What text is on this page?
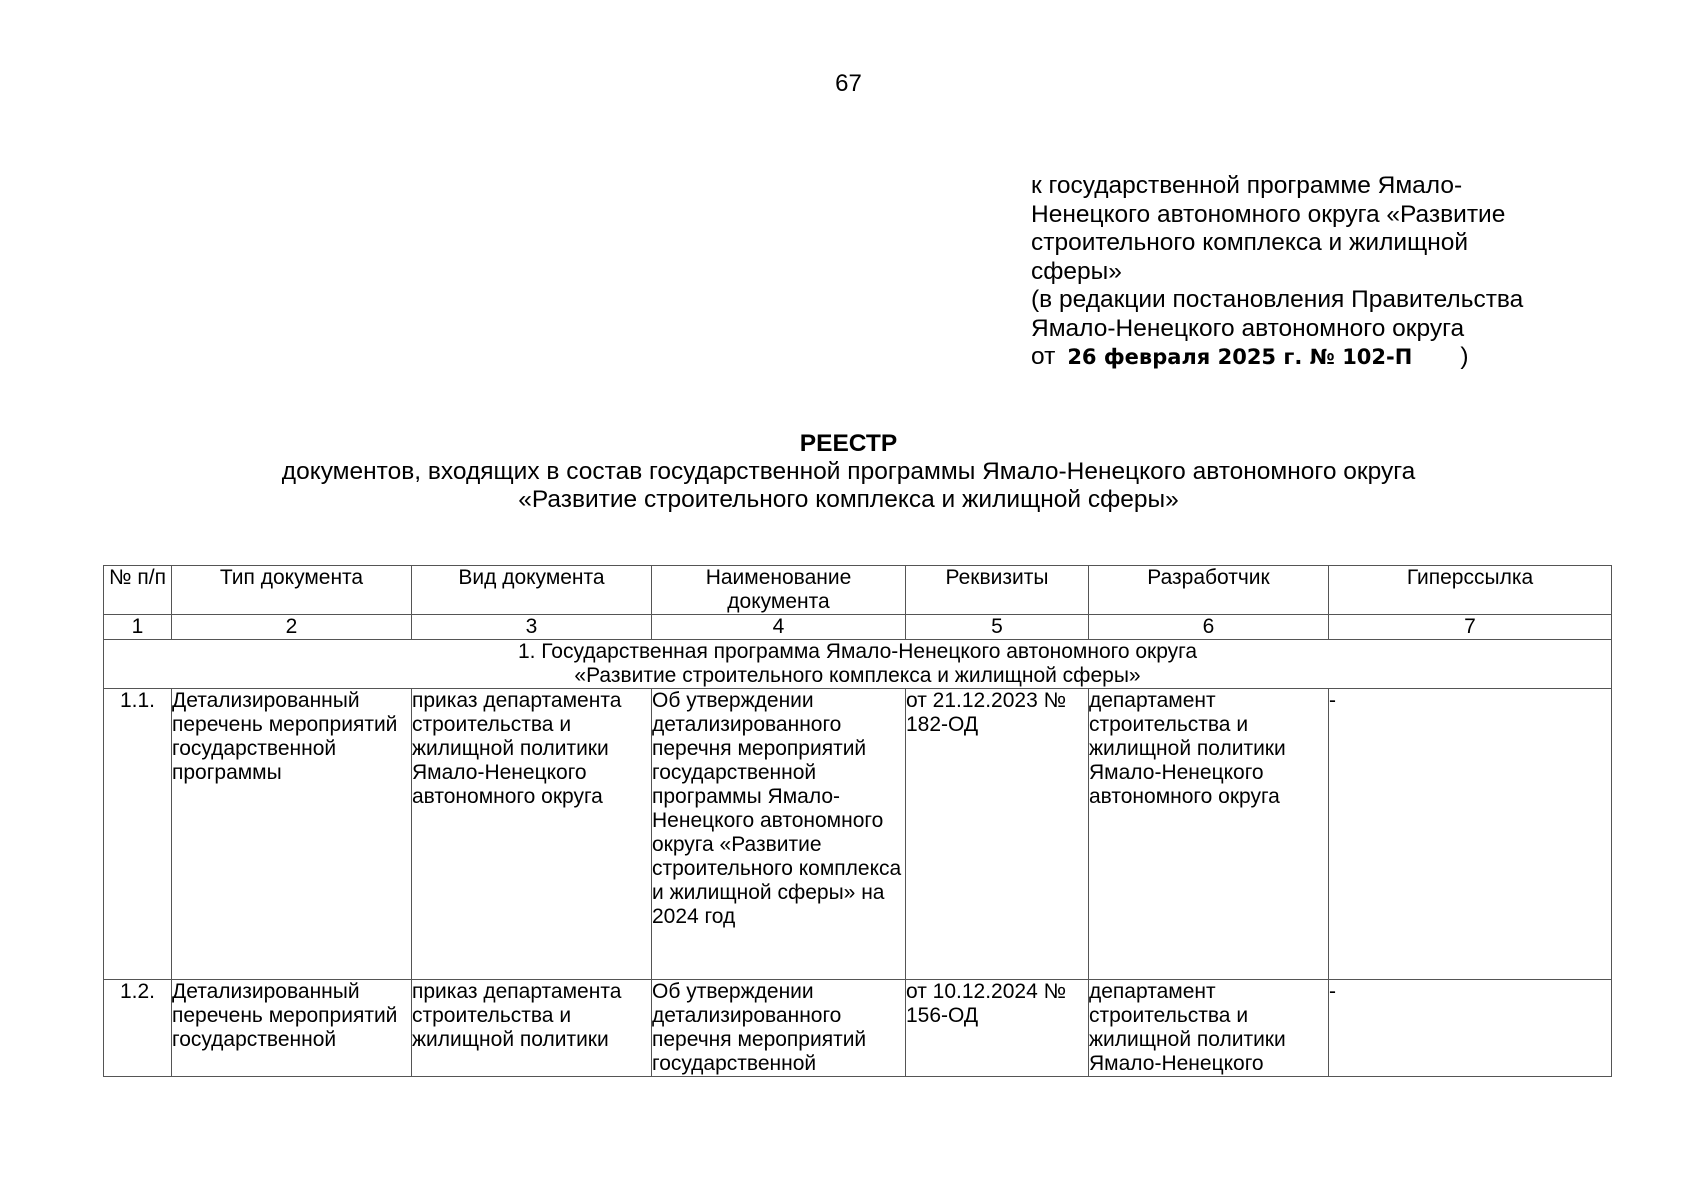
67
к государственной программе Ямало-
Ненецкого автономного округа «Развитие
строительного комплекса и жилищной
сферы»
(в редакции постановления Правительства
Ямало-Ненецкого автономного округа
от 26 февраля 2025 г. № 102-П	)
РЕЕСТР
документов, входящих в состав государственной программы Ямало-Ненецкого автономного округа
«Развитие строительного комплекса и жилищной сферы»
№ п/п	Тип документа	Вид документа	Наименование документа	Реквизиты	Разработчик	Гиперссылка
1	2	3	4	5	6	7

1. Государственная программа Ямало-Ненецкого автономного округа
«Развитие строительного комплекса и жилищной сферы»						

1.1.	Детализированный перечень мероприятий государственной программы	приказ департамента строительства и жилищной политики Ямало-Ненецкого автономного округа	Об утверждении детализированного перечня мероприятий государственной программы Ямало-Ненецкого автономного округа «Развитие строительного комплекса и жилищной сферы» на 2024 год	от 21.12.2023 № 182-ОД	департамент строительства и жилищной политики Ямало-Ненецкого автономного округа	-
1.2.	Детализированный перечень мероприятий государственной	приказ департамента строительства и жилищной политики	Об утверждении детализированного перечня мероприятий государственной	от 10.12.2024 № 156-ОД	департамент строительства и жилищной политики Ямало-Ненецкого	-
